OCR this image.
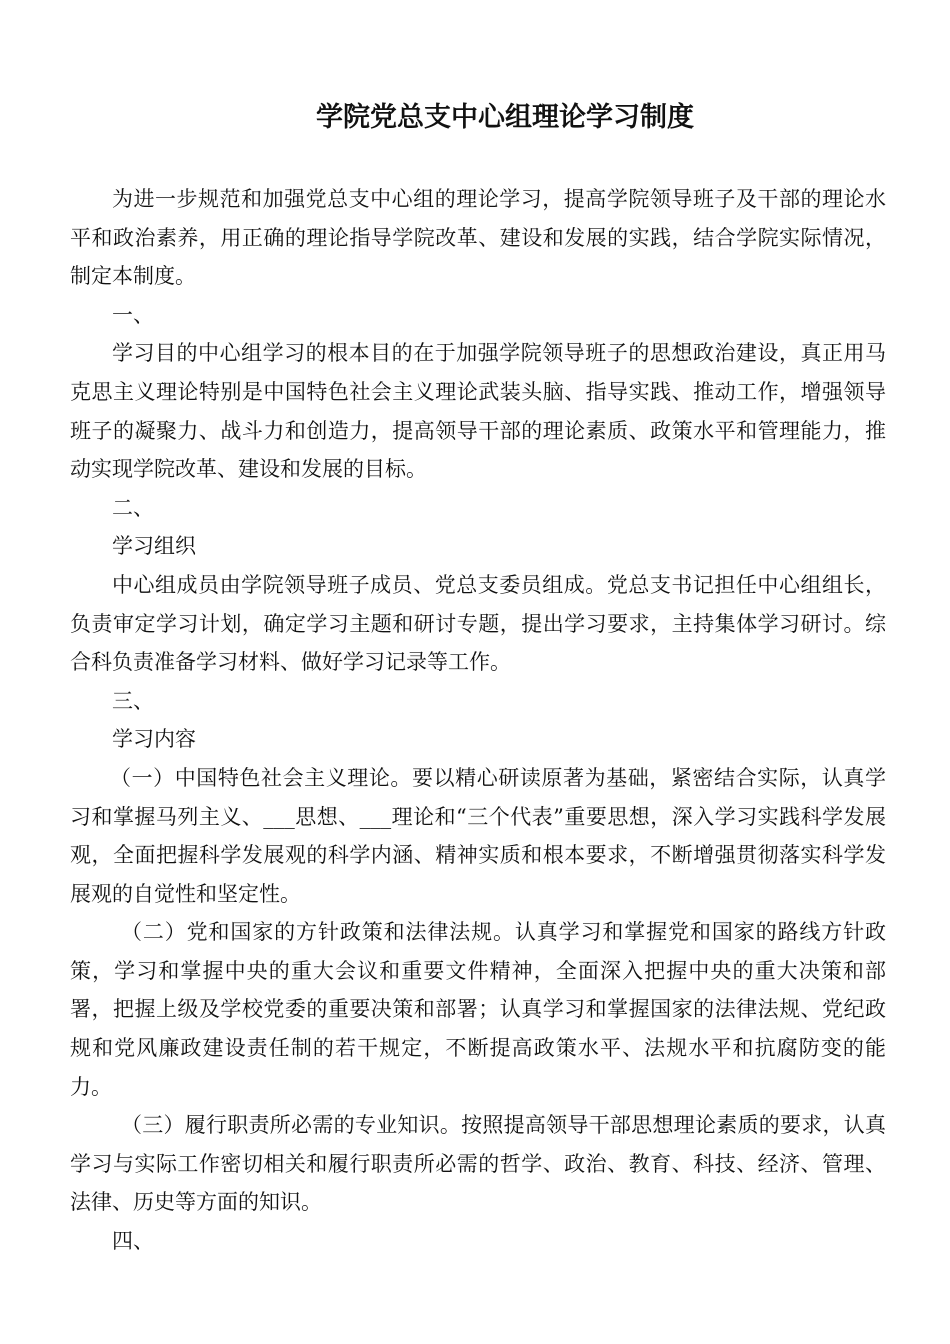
学院党总支中心组理论学习制度

为进一步规范和加强党总支中心组的理论学习，提高学院领导班子及干部的理论水平和政治素养，用正确的理论指导学院改革、建设和发展的实践，结合学院实际情况，制定本制度。

一、

学习目的中心组学习的根本目的在于加强学院领导班子的思想政治建设，真正用马克思主义理论特别是中国特色社会主义理论武装头脑、指导实践、推动工作，增强领导班子的凝聚力、战斗力和创造力，提高领导干部的理论素质、政策水平和管理能力，推动实现学院改革、建设和发展的目标。

二、

学习组织

中心组成员由学院领导班子成员、党总支委员组成。党总支书记担任中心组组长，负责审定学习计划，确定学习主题和研讨专题，提出学习要求，主持集体学习研讨。综合科负责准备学习材料、做好学习记录等工作。

三、

学习内容

（一）中国特色社会主义理论。要以精心研读原著为基础，紧密结合实际，认真学习和掌握马列主义、___思想、___理论和“三个代表”重要思想，深入学习实践科学发展观，全面把握科学发展观的科学内涵、精神实质和根本要求，不断增强贯彻落实科学发展观的自觉性和坚定性。

（二）党和国家的方针政策和法律法规。认真学习和掌握党和国家的路线方针政策，学习和掌握中央的重大会议和重要文件精神，全面深入把握中央的重大决策和部署，把握上级及学校党委的重要决策和部署；认真学习和掌握国家的法律法规、党纪政规和党风廉政建设责任制的若干规定，不断提高政策水平、法规水平和抗腐防变的能力。

（三）履行职责所必需的专业知识。按照提高领导干部思想理论素质的要求，认真学习与实际工作密切相关和履行职责所必需的哲学、政治、教育、科技、经济、管理、法律、历史等方面的知识。

四、
